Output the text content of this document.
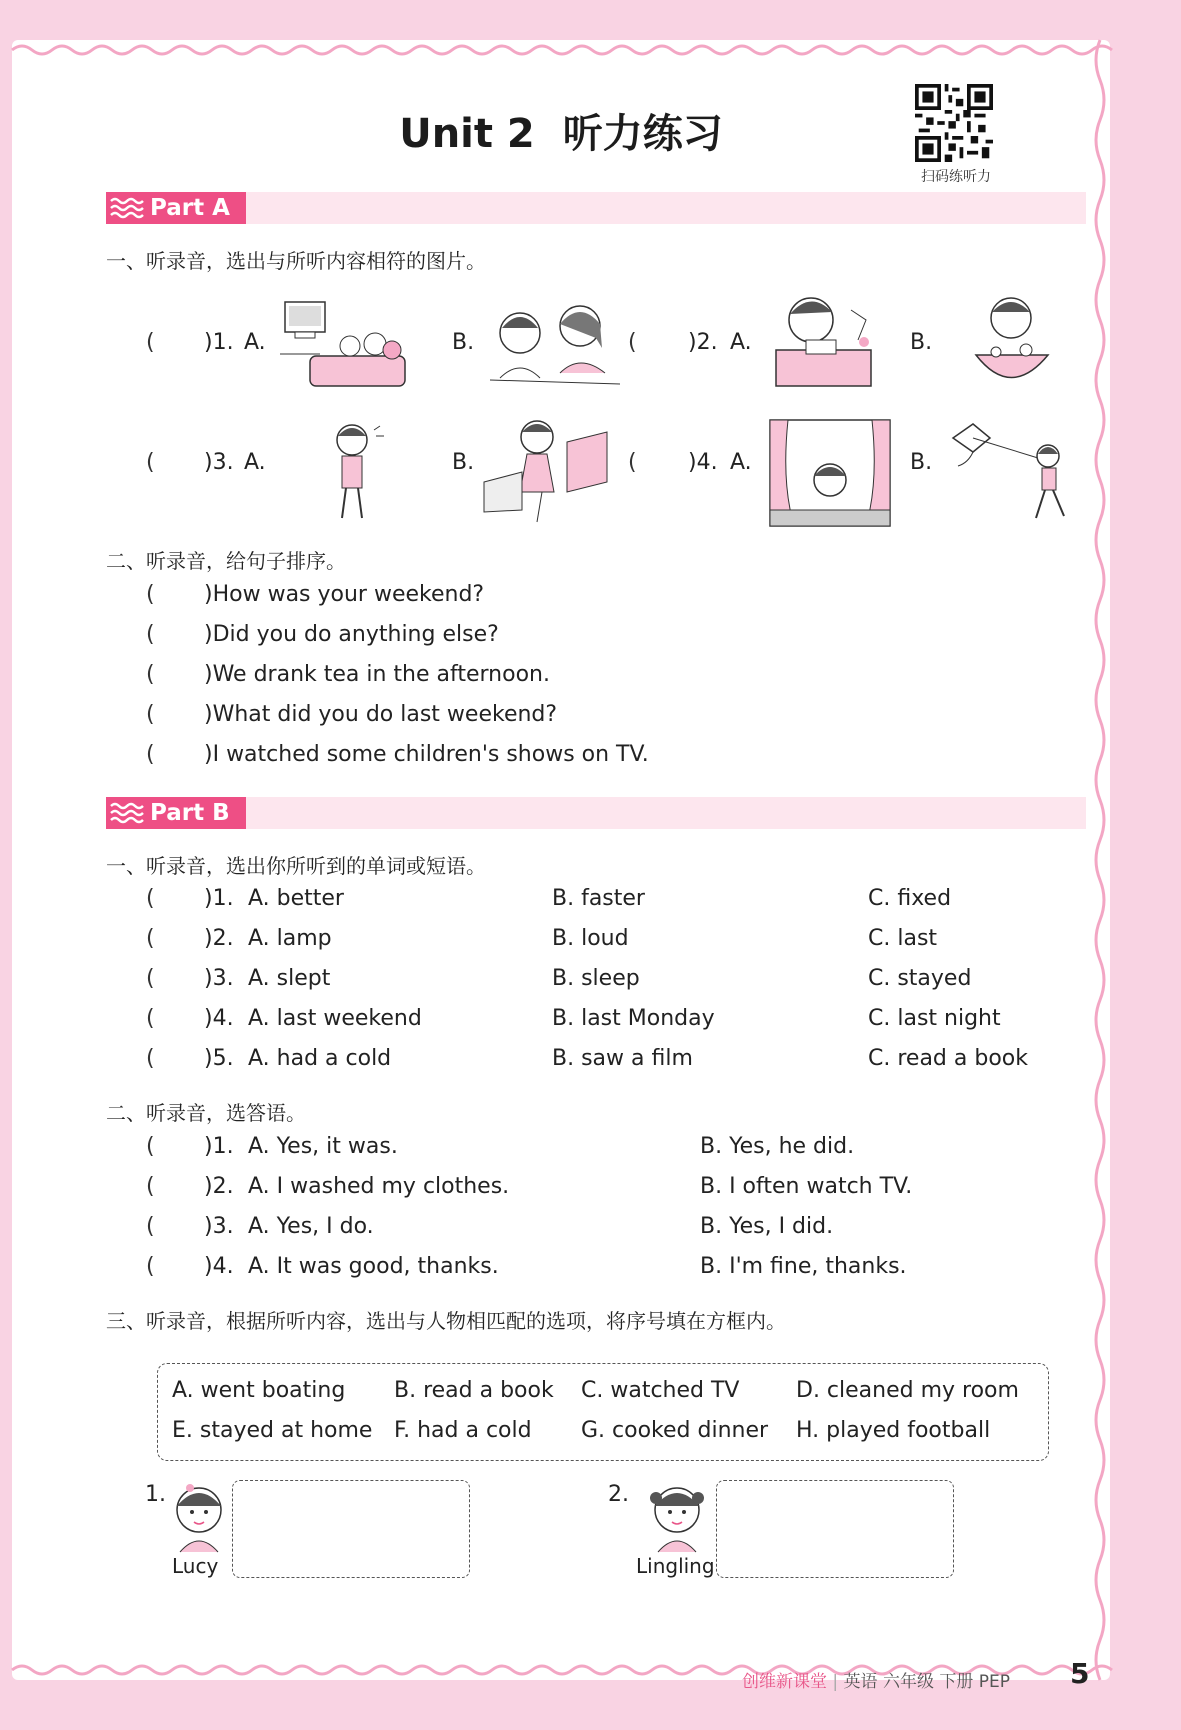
Unit 2 听力练习
扫码练听力
Part A
一、听录音，选出与所听内容相符的图片。
( )1. A.	B.	( )2. A.	B.
( )3. A.	B.	( )4. A.	B.
二、听录音，给句子排序。
( )How was your weekend?
( )Did you do anything else?
( )We drank tea in the afternoon.
( )What did you do last weekend?
( )I watched some children's shows on TV.
Part B
一、听录音，选出你所听到的单词或短语。
( )1. A. better	B. faster	C. fixed
( )2. A. lamp	B. loud	C. last
( )3. A. slept	B. sleep	C. stayed
( )4. A. last weekend	B. last Monday	C. last night
( )5. A. had a cold	B. saw a film	C. read a book
二、听录音，选答语。
( )1. A. Yes, it was.	B. Yes, he did.
( )2. A. I washed my clothes.	B. I often watch TV.
( )3. A. Yes, I do.	B. Yes, I did.
( )4. A. It was good, thanks.	B. I'm fine, thanks.
三、听录音，根据所听内容，选出与人物相匹配的选项，将序号填在方框内。
A. went boating B. read a book C. watched TV	D. cleaned my room
E. stayed at home F. had a cold G. cooked dinner H. played football
1.
Lucy
2.
Lingling
创维新课堂 | 英语 六年级 下册 PEP 5
